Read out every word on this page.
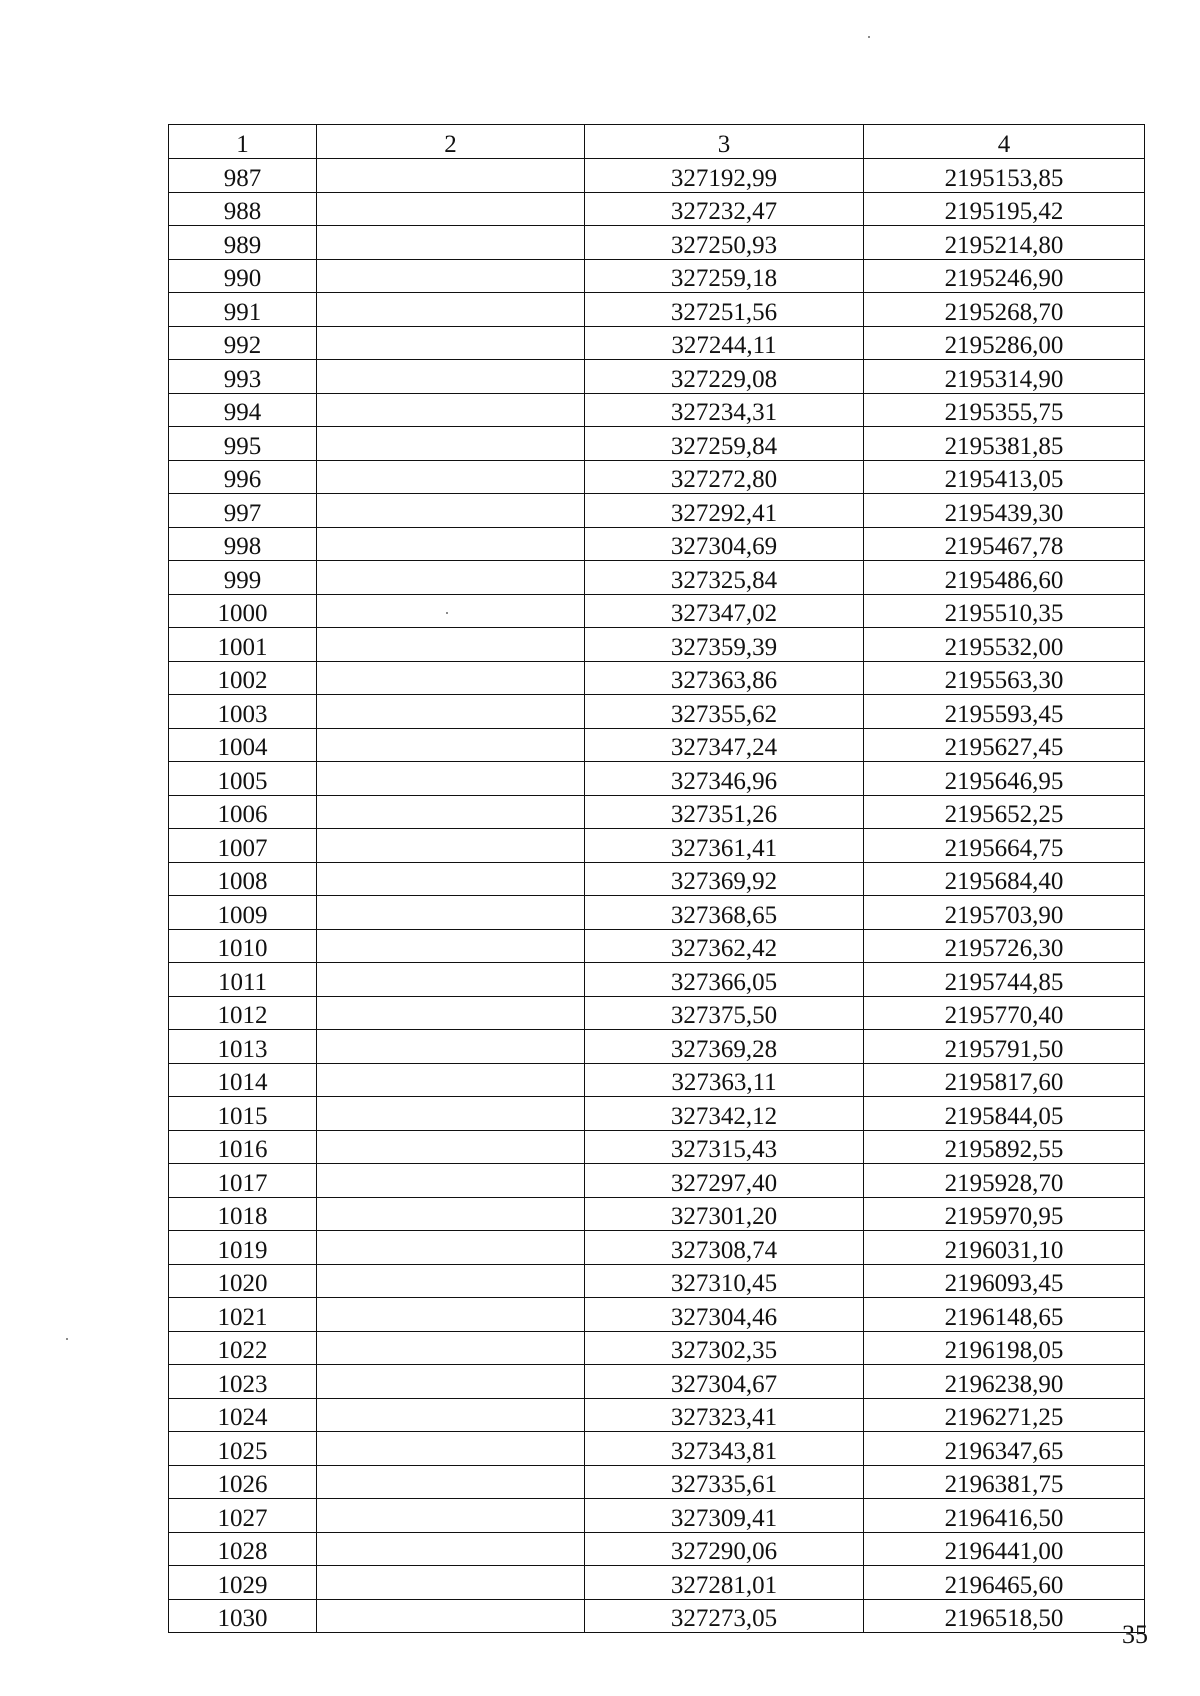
1	2	3	4
987		327192,99	2195153,85
988		327232,47	2195195,42
989		327250,93	2195214,80
990		327259,18	2195246,90
991		327251,56	2195268,70
992		327244,11	2195286,00
993		327229,08	2195314,90
994		327234,31	2195355,75
995		327259,84	2195381,85
996		327272,80	2195413,05
997		327292,41	2195439,30
998		327304,69	2195467,78
999		327325,84	2195486,60
1000		327347,02	2195510,35
1001		327359,39	2195532,00
1002		327363,86	2195563,30
1003		327355,62	2195593,45
1004		327347,24	2195627,45
1005		327346,96	2195646,95
1006		327351,26	2195652,25
1007		327361,41	2195664,75
1008		327369,92	2195684,40
1009		327368,65	2195703,90
1010		327362,42	2195726,30
1011		327366,05	2195744,85
1012		327375,50	2195770,40
1013		327369,28	2195791,50
1014		327363,11	2195817,60
1015		327342,12	2195844,05
1016		327315,43	2195892,55
1017		327297,40	2195928,70
1018		327301,20	2195970,95
1019		327308,74	2196031,10
1020		327310,45	2196093,45
1021		327304,46	2196148,65
1022		327302,35	2196198,05
1023		327304,67	2196238,90
1024		327323,41	2196271,25
1025		327343,81	2196347,65
1026		327335,61	2196381,75
1027		327309,41	2196416,50
1028		327290,06	2196441,00
1029		327281,01	2196465,60
1030		327273,05	2196518,50
35
